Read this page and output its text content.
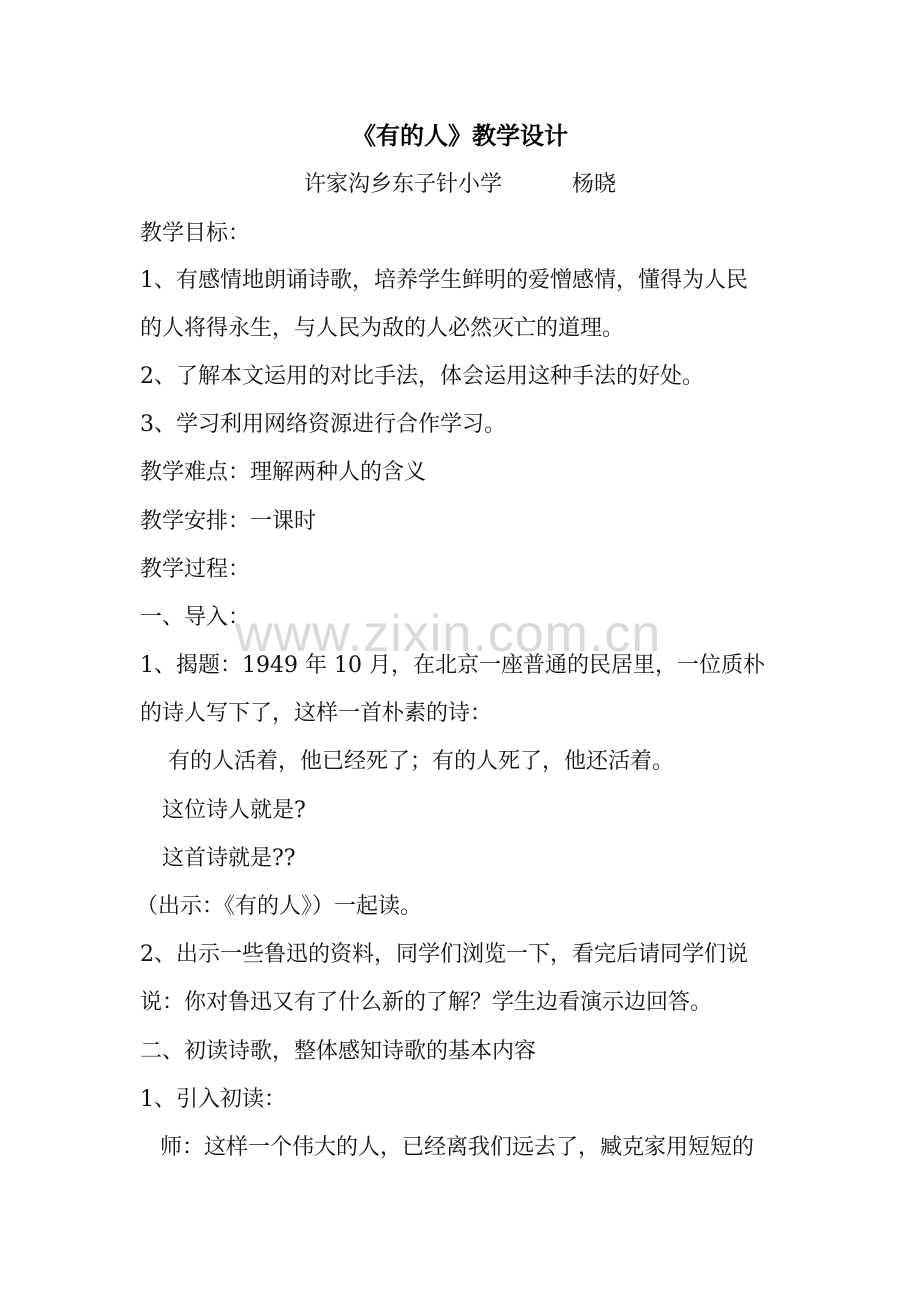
《有的人》教学设计
许家沟乡东子针小学	杨晓
教学目标：
1、有感情地朗诵诗歌，培养学生鲜明的爱憎感情，懂得为人民
的人将得永生，与人民为敌的人必然灭亡的道理。
2、了解本文运用的对比手法，体会运用这种手法的好处。
3、学习利用网络资源进行合作学习。
教学难点：理解两种人的含义
教学安排：一课时
教学过程：
一、导入：
1、揭题：1949 年 10 月，在北京一座普通的民居里，一位质朴
的诗人写下了，这样一首朴素的诗：
有的人活着，他已经死了；有的人死了，他还活着。
这位诗人就是?
这首诗就是??
（出示：《有的人》）一起读。
2、出示一些鲁迅的资料，同学们浏览一下，看完后请同学们说
说：你对鲁迅又有了什么新的了解？学生边看演示边回答。
二、初读诗歌，整体感知诗歌的基本内容
1、引入初读：
师：这样一个伟大的人，已经离我们远去了，臧克家用短短的
www.zixin.com.cn
